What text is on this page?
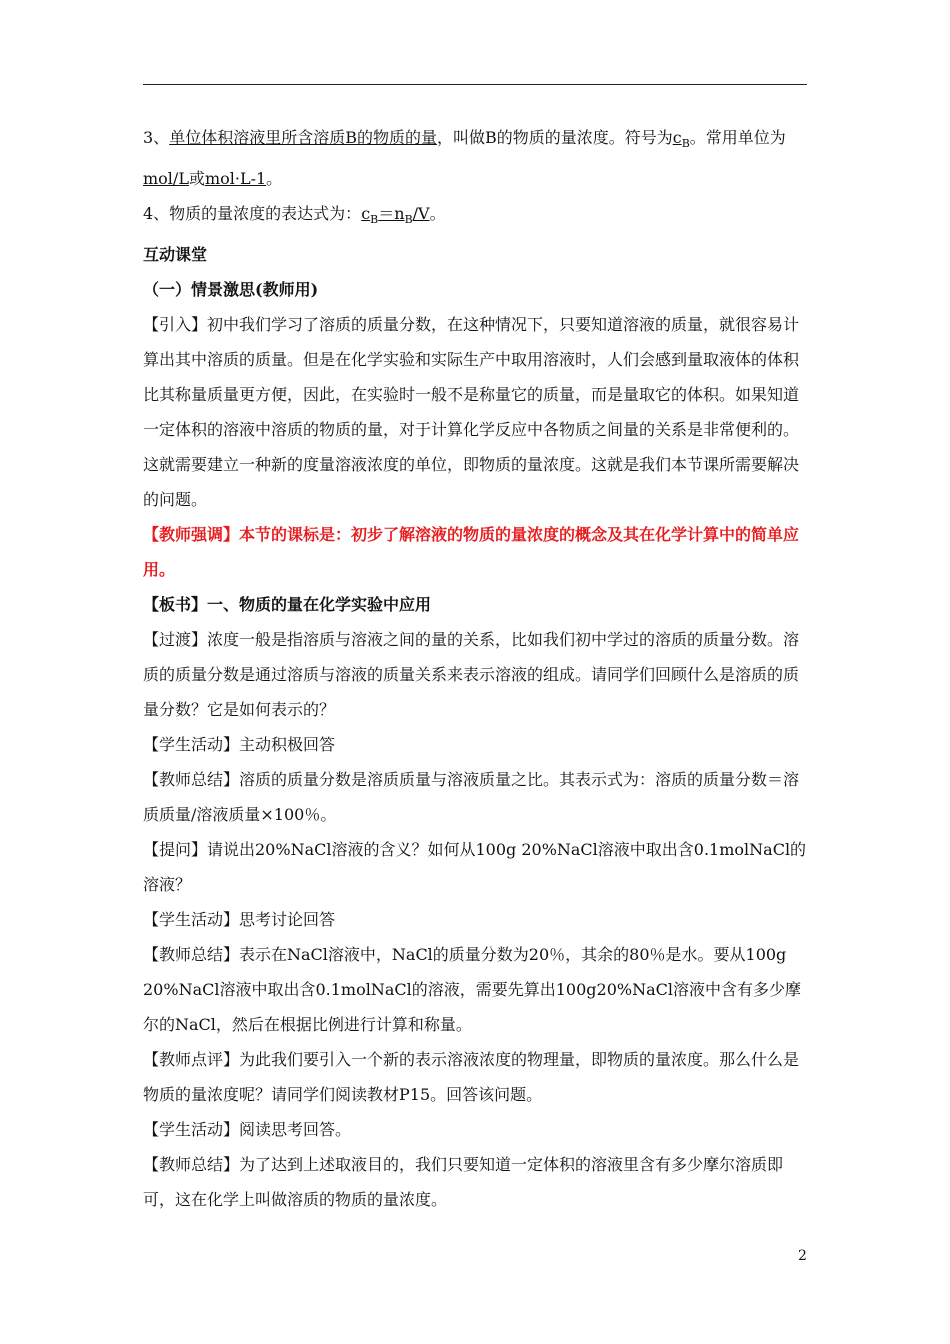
3、单位体积溶液里所含溶质B的物质的量，叫做B的物质的量浓度。符号为$c_B$。常用单位为
mol/L或mol·L-1。

4、物质的量浓度的表达式为：$c_B=n_B/V$。

互动课堂

（一）情景激思(教师用)

【引入】初中我们学习了溶质的质量分数，在这种情况下，只要知道溶液的质量，就很容易计算出其中溶质的质量。但是在化学实验和实际生产中取用溶液时，人们会感到量取液体的体积比其称量质量更方便，因此，在实验时一般不是称量它的质量，而是量取它的体积。如果知道一定体积的溶液中溶质的物质的量，对于计算化学反应中各物质之间量的关系是非常便利的。这就需要建立一种新的度量溶液浓度的单位，即物质的量浓度。这就是我们本节课所需要解决的问题。

【教师强调】本节的课标是：初步了解溶液的物质的量浓度的概念及其在化学计算中的简单应用。

【板书】一、物质的量在化学实验中应用

【过渡】浓度一般是指溶质与溶液之间的量的关系，比如我们初中学过的溶质的质量分数。溶质的质量分数是通过溶质与溶液的质量关系来表示溶液的组成。请同学们回顾什么是溶质的质量分数？它是如何表示的？

【学生活动】主动积极回答

【教师总结】溶质的质量分数是溶质质量与溶液质量之比。其表示式为：溶质的质量分数＝溶质质量/溶液质量×100％。

【提问】请说出20%NaCl溶液的含义？如何从100g 20%NaCl溶液中取出含0.1molNaCl的溶液？

【学生活动】思考讨论回答

【教师总结】表示在NaCl溶液中，NaCl的质量分数为20％，其余的80％是水。要从100g 20%NaCl溶液中取出含0.1molNaCl的溶液，需要先算出100g20%NaCl溶液中含有多少摩尔的NaCl，然后在根据比例进行计算和称量。

【教师点评】为此我们要引入一个新的表示溶液浓度的物理量，即物质的量浓度。那么什么是物质的量浓度呢？请同学们阅读教材P15。回答该问题。

【学生活动】阅读思考回答。

【教师总结】为了达到上述取液目的，我们只要知道一定体积的溶液里含有多少摩尔溶质即可，这在化学上叫做溶质的物质的量浓度。

2
